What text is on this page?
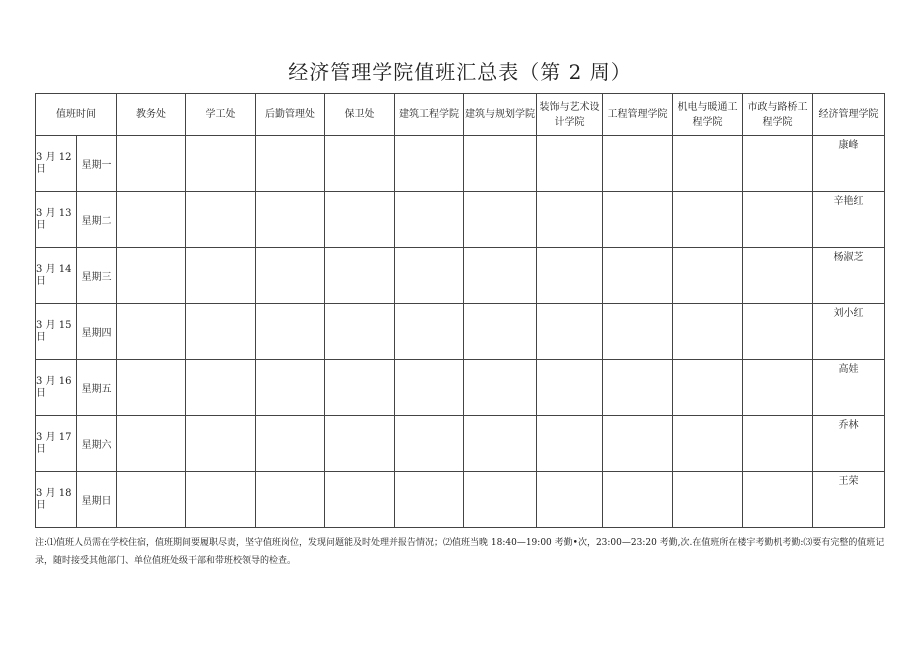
经济管理学院值班汇总表（第 2 周）
值班时间		教务处	学工处	后勤管理处	保卫处	建筑工程学院	建筑与规划学院	装饰与艺术设计学院	工程管理学院	机电与暖通工程学院	市政与路桥工程学院	经济管理学院
3 月 12 日	星期一											康峰
3 月 13 日	星期二											辛艳红
3 月 14 日	星期三											杨淑芝
3 月 15 日	星期四											刘小红
3 月 16 日	星期五											高娃
3 月 17 日	星期六											乔林
3 月 18 日	星期日											王荣
注:⑴值班人员需在学校住宿，值班期间要履职尽责，坚守值班岗位，发现问题能及时处理并报告情况；⑵值班当晚 18:40—19:00 考勤•次，23:00—23:20 考勤,次.在值班所在楼宇考勤机考勤:⑶要有完整的值班记录，随时接受其他部门、单位值班处级干部和带班校领导的检查。
